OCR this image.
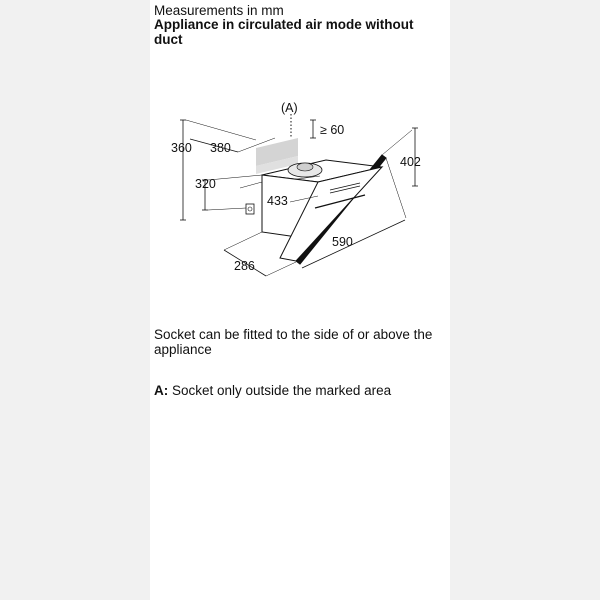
Measurements in mm

Appliance in circulated air mode without duct

(A)
≥ 60
360 380
320
433
402
590
286

Socket can be fitted to the side of or above the appliance

A: Socket only outside the marked area
